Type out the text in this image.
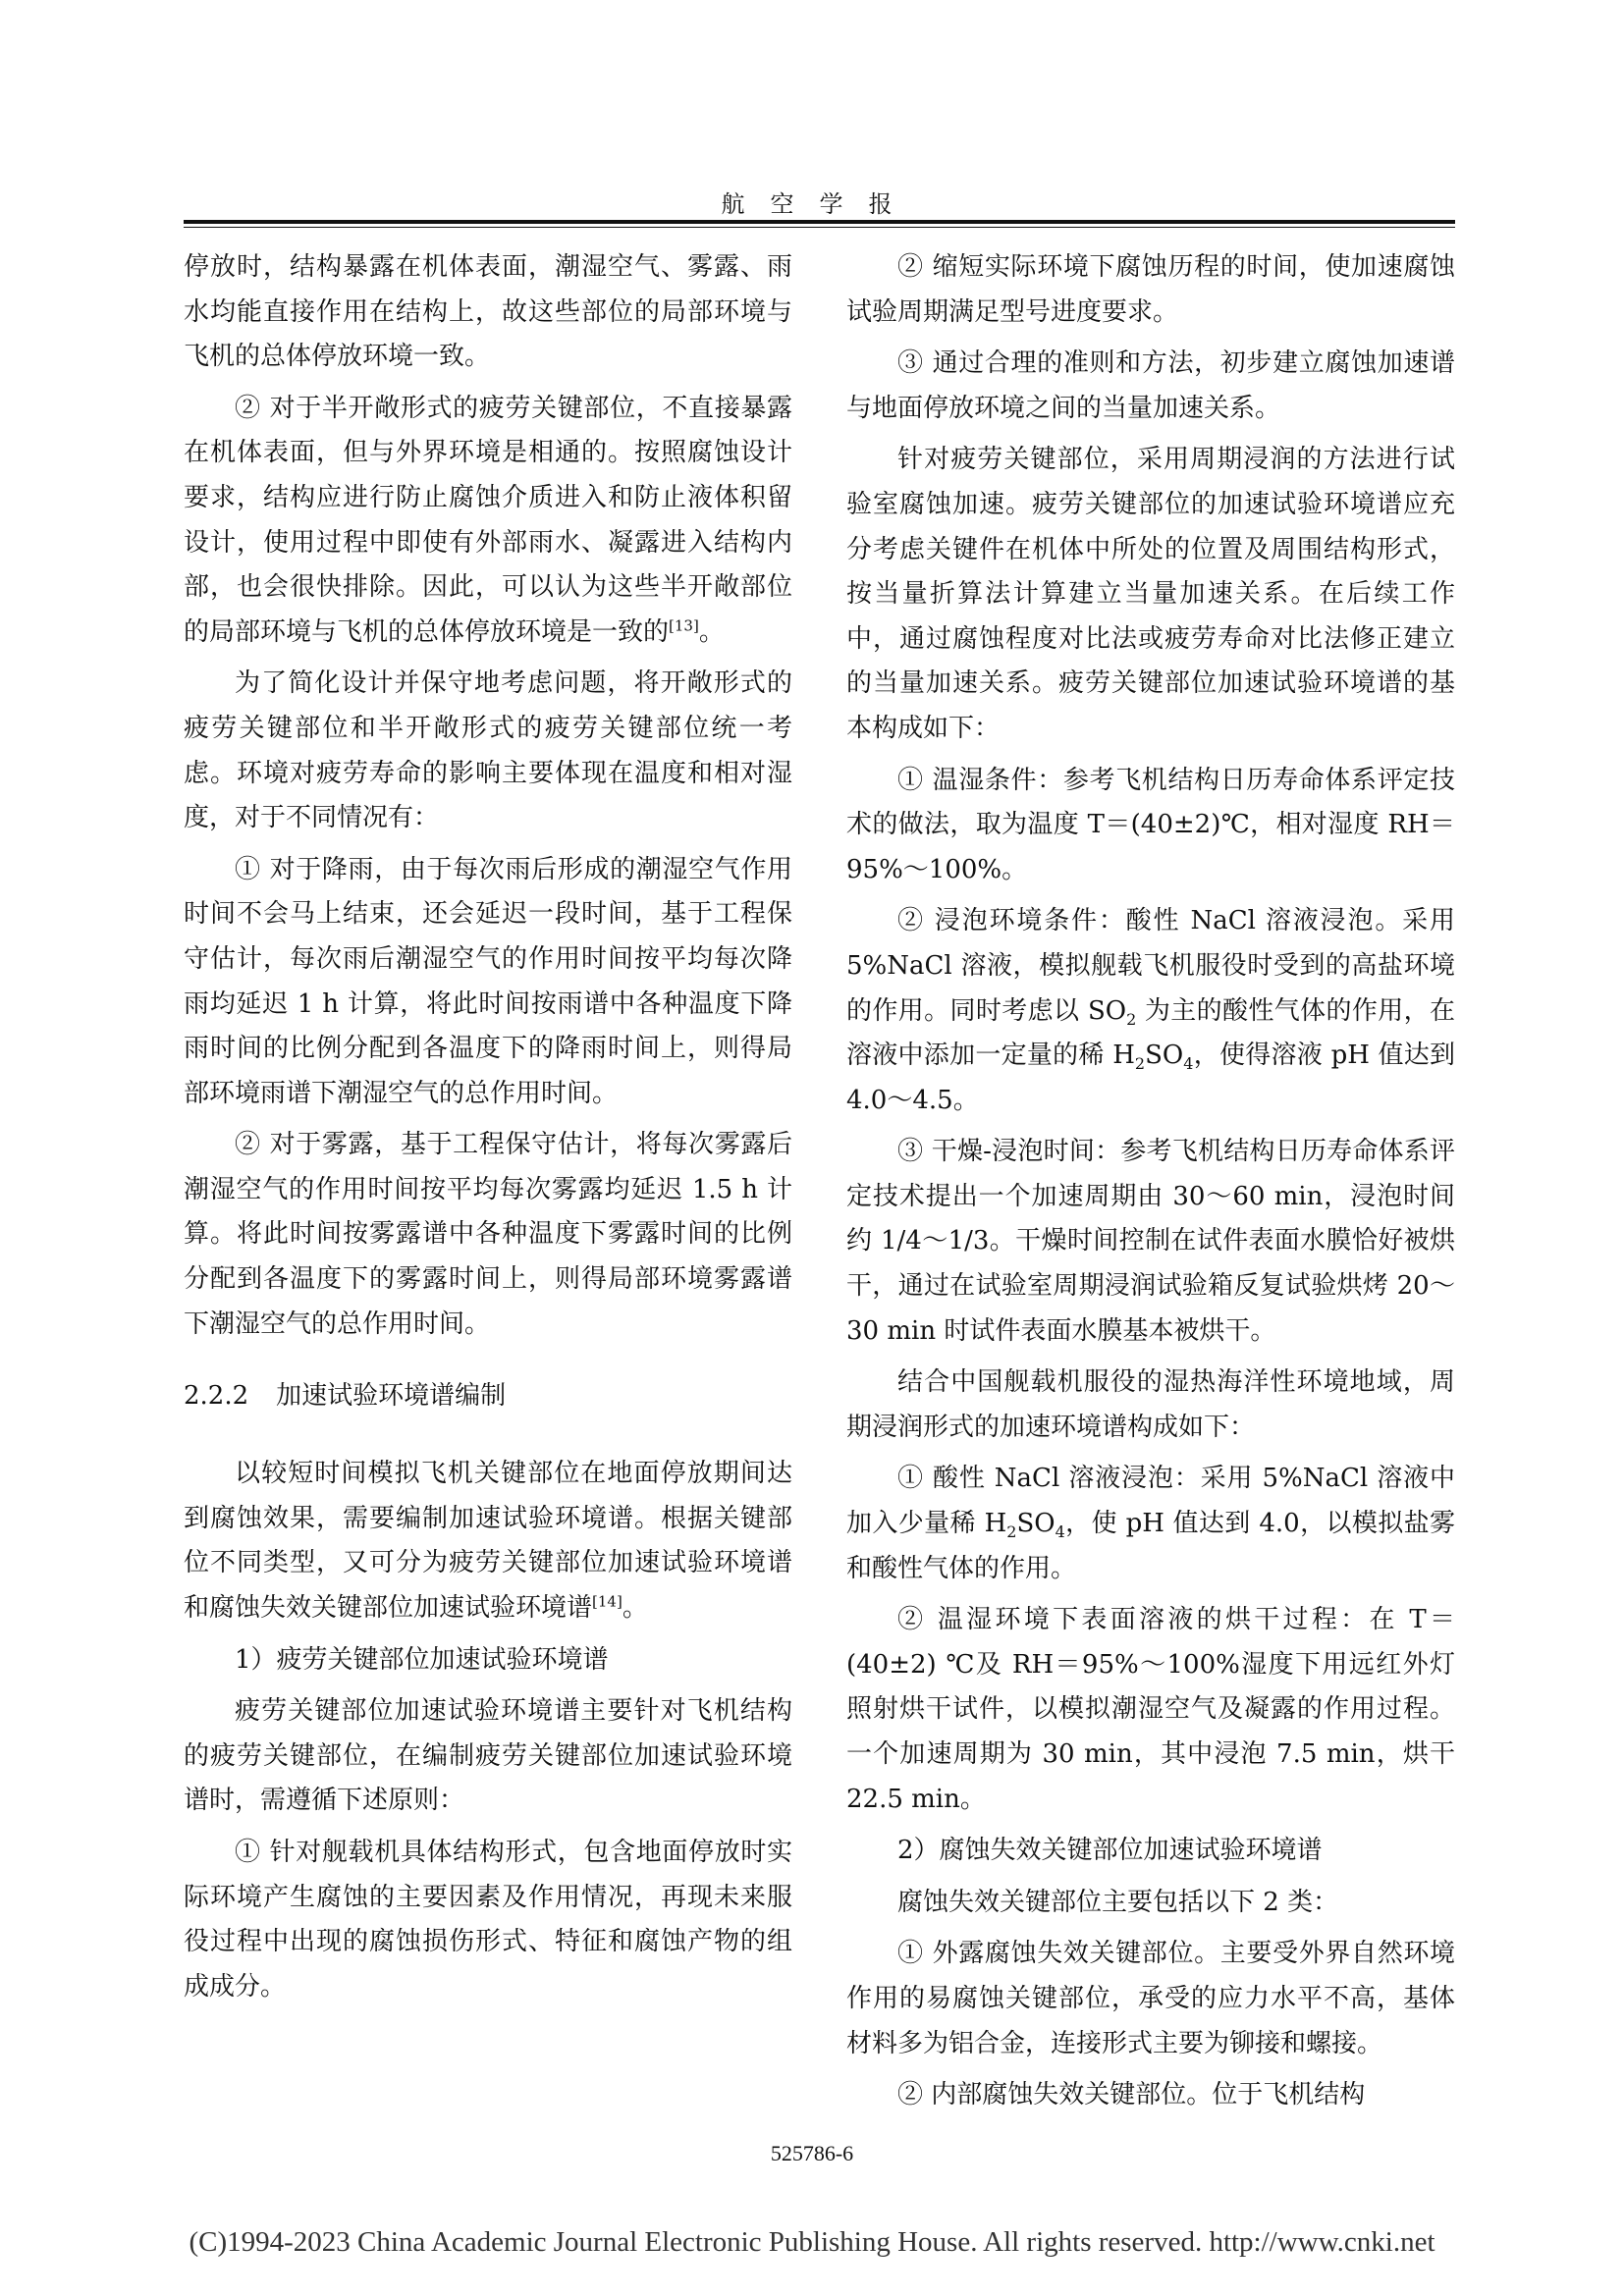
航空学报

停放时，结构暴露在机体表面，潮湿空气、雾露、雨水均能直接作用在结构上，故这些部位的局部环境与飞机的总体停放环境一致。

② 对于半开敞形式的疲劳关键部位，不直接暴露在机体表面，但与外界环境是相通的。按照腐蚀设计要求，结构应进行防止腐蚀介质进入和防止液体积留设计，使用过程中即使有外部雨水、凝露进入结构内部，也会很快排除。因此，可以认为这些半开敞部位的局部环境与飞机的总体停放环境是一致的[13]。

为了简化设计并保守地考虑问题，将开敞形式的疲劳关键部位和半开敞形式的疲劳关键部位统一考虑。环境对疲劳寿命的影响主要体现在温度和相对湿度，对于不同情况有：

① 对于降雨，由于每次雨后形成的潮湿空气作用时间不会马上结束，还会延迟一段时间，基于工程保守估计，每次雨后潮湿空气的作用时间按平均每次降雨均延迟 1 h 计算，将此时间按雨谱中各种温度下降雨时间的比例分配到各温度下的降雨时间上，则得局部环境雨谱下潮湿空气的总作用时间。

② 对于雾露，基于工程保守估计，将每次雾露后潮湿空气的作用时间按平均每次雾露均延迟 1.5 h 计算。将此时间按雾露谱中各种温度下雾露时间的比例分配到各温度下的雾露时间上，则得局部环境雾露谱下潮湿空气的总作用时间。

2.2.2 加速试验环境谱编制

以较短时间模拟飞机关键部位在地面停放期间达到腐蚀效果，需要编制加速试验环境谱。根据关键部位不同类型，又可分为疲劳关键部位加速试验环境谱和腐蚀失效关键部位加速试验环境谱[14]。

1）疲劳关键部位加速试验环境谱

疲劳关键部位加速试验环境谱主要针对飞机结构的疲劳关键部位，在编制疲劳关键部位加速试验环境谱时，需遵循下述原则：

① 针对舰载机具体结构形式，包含地面停放时实际环境产生腐蚀的主要因素及作用情况，再现未来服役过程中出现的腐蚀损伤形式、特征和腐蚀产物的组成成分。

② 缩短实际环境下腐蚀历程的时间，使加速腐蚀试验周期满足型号进度要求。

③ 通过合理的准则和方法，初步建立腐蚀加速谱与地面停放环境之间的当量加速关系。

针对疲劳关键部位，采用周期浸润的方法进行试验室腐蚀加速。疲劳关键部位的加速试验环境谱应充分考虑关键件在机体中所处的位置及周围结构形式，按当量折算法计算建立当量加速关系。在后续工作中，通过腐蚀程度对比法或疲劳寿命对比法修正建立的当量加速关系。疲劳关键部位加速试验环境谱的基本构成如下：

① 温湿条件：参考飞机结构日历寿命体系评定技术的做法，取为温度 T＝(40±2)℃，相对湿度 RH＝95%～100%。

② 浸泡环境条件：酸性 NaCl 溶液浸泡。采用 5%NaCl 溶液，模拟舰载飞机服役时受到的高盐环境的作用。同时考虑以 $SO_2$ 为主的酸性气体的作用，在溶液中添加一定量的稀 $H_2SO_4$，使得溶液 pH 值达到 4.0～4.5。

③ 干燥-浸泡时间：参考飞机结构日历寿命体系评定技术提出一个加速周期由 30～60 min，浸泡时间约 1/4～1/3。干燥时间控制在试件表面水膜恰好被烘干，通过在试验室周期浸润试验箱反复试验烘烤 20～30 min 时试件表面水膜基本被烘干。

结合中国舰载机服役的湿热海洋性环境地域，周期浸润形式的加速环境谱构成如下：

① 酸性 NaCl 溶液浸泡：采用 5%NaCl 溶液中加入少量稀 $H_2SO_4$，使 pH 值达到 4.0，以模拟盐雾和酸性气体的作用。

② 温湿环境下表面溶液的烘干过程：在 T＝(40±2) ℃及 RH＝95%～100%湿度下用远红外灯照射烘干试件，以模拟潮湿空气及凝露的作用过程。一个加速周期为 30 min，其中浸泡 7.5 min，烘干 22.5 min。

2）腐蚀失效关键部位加速试验环境谱

腐蚀失效关键部位主要包括以下 2 类：

① 外露腐蚀失效关键部位。主要受外界自然环境作用的易腐蚀关键部位，承受的应力水平不高，基体材料多为铝合金，连接形式主要为铆接和螺接。

② 内部腐蚀失效关键部位。位于飞机结构

525786-6
(C)1994-2023 China Academic Journal Electronic Publishing House. All rights reserved. http://www.cnki.net
